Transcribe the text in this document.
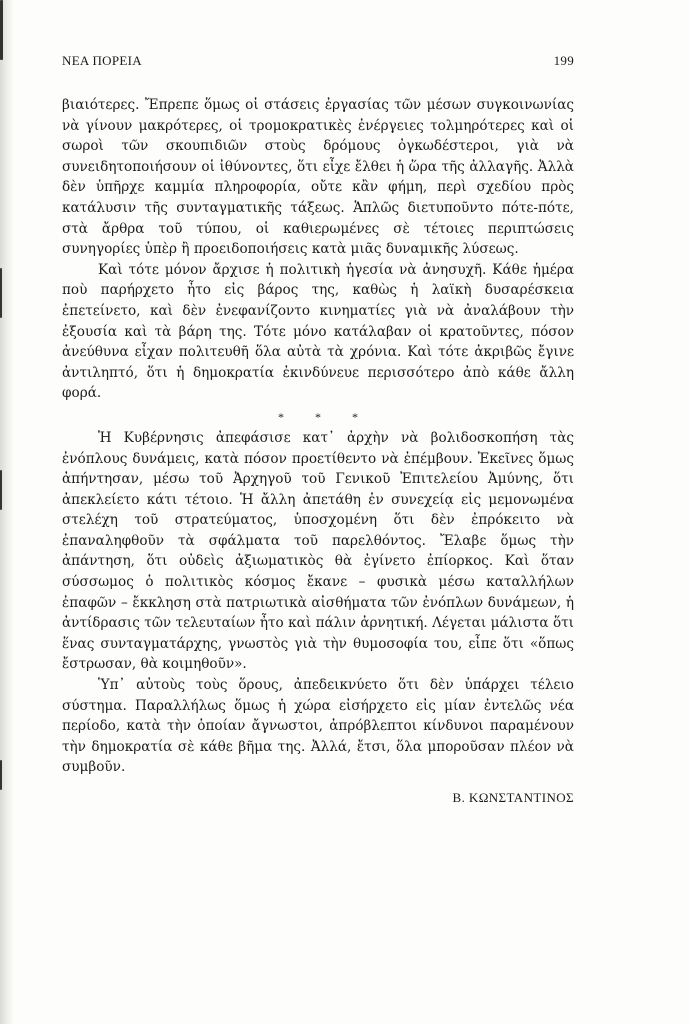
ΝΕΑ ΠΟΡΕΙΑ	199

βιαιότερες. Ἔπρεπε ὅμως οἱ στάσεις ἐργασίας τῶν μέσων συγκοινωνίας νὰ γίνουν μακρότερες, οἱ τρομοκρατικὲς ἐνέργειες τολμηρότερες καὶ οἱ σωροὶ τῶν σκουπιδιῶν στοὺς δρόμους ὀγκωδέστεροι, γιὰ νὰ συνειδητοποιήσουν οἱ ἰθύνοντες, ὅτι εἶχε ἔλθει ἡ ὥρα τῆς ἀλλαγῆς. Ἀλλὰ δὲν ὑπῆρχε καμμία πληροφορία, οὔτε κἂν φήμη, περὶ σχεδίου πρὸς κατάλυσιν τῆς συνταγματικῆς τάξεως. Ἁπλῶς διετυποῦντο πότε-πότε, στὰ ἄρθρα τοῦ τύπου, οἱ καθιερωμένες σὲ τέτοιες περιπτώσεις συνηγορίες ὑπὲρ ἢ προειδοποιήσεις κατὰ μιᾶς δυναμικῆς λύσεως.

Καὶ τότε μόνον ἄρχισε ἡ πολιτικὴ ἡγεσία νὰ ἀνησυχῆ. Κάθε ἡμέρα ποὺ παρήρχετο ἦτο εἰς βάρος της, καθὼς ἡ λαϊκὴ δυσαρέσκεια ἐπετείνετο, καὶ δὲν ἐνεφανίζοντο κινηματίες γιὰ νὰ ἀναλάβουν τὴν ἐξουσία καὶ τὰ βάρη της. Τότε μόνο κατάλαβαν οἱ κρατοῦντες, πόσον ἀνεύθυνα εἶχαν πολιτευθῆ ὅλα αὐτὰ τὰ χρόνια. Καὶ τότε ἀκριβῶς ἔγινε ἀντιληπτό, ὅτι ἡ δημοκρατία ἐκινδύνευε περισσότερο ἀπὸ κάθε ἄλλη φορά.

* * *

Ἡ Κυβέρνησις ἀπεφάσισε κατ᾽ ἀρχὴν νὰ βολιδοσκοπήση τὰς ἐνόπλους δυνάμεις, κατὰ πόσον προετίθεντο νὰ ἐπέμβουν. Ἐκεῖνες ὅμως ἀπήντησαν, μέσω τοῦ Ἀρχηγοῦ τοῦ Γενικοῦ Ἐπιτελείου Ἀμύνης, ὅτι ἀπεκλείετο κάτι τέτοιο. Ἡ ἄλλη ἀπετάθη ἐν συνεχείᾳ εἰς μεμονωμένα στελέχη τοῦ στρατεύματος, ὑποσχομένη ὅτι δὲν ἐπρόκειτο νὰ ἐπαναληφθοῦν τὰ σφάλματα τοῦ παρελθόντος. Ἔλαβε ὅμως τὴν ἀπάντηση, ὅτι οὐδεὶς ἀξιωματικὸς θὰ ἐγίνετο ἐπίορκος. Καὶ ὅταν σύσσωμος ὁ πολιτικὸς κόσμος ἔκανε – φυσικὰ μέσω καταλλήλων ἐπαφῶν – ἔκκληση στὰ πατριωτικὰ αἰσθήματα τῶν ἐνόπλων δυνάμεων, ἡ ἀντίδρασις τῶν τελευταίων ἦτο καὶ πάλιν ἀρνητική. Λέγεται μάλιστα ὅτι ἕνας συνταγματάρχης, γνωστὸς γιὰ τὴν θυμοσοφία του, εἶπε ὅτι «ὅπως ἔστρωσαν, θὰ κοιμηθοῦν».

Ὑπ᾽ αὐτοὺς τοὺς ὅρους, ἀπεδεικνύετο ὅτι δὲν ὑπάρχει τέλειο σύστημα. Παραλλήλως ὅμως ἡ χώρα εἰσήρχετο εἰς μίαν ἐντελῶς νέα περίοδο, κατὰ τὴν ὁποίαν ἄγνωστοι, ἀπρόβλεπτοι κίνδυνοι παραμένουν τὴν δημοκρατία σὲ κάθε βῆμα της. Ἀλλά, ἔτσι, ὅλα μποροῦσαν πλέον νὰ συμβοῦν.

Β. ΚΩΝΣΤΑΝΤΙΝΟΣ
